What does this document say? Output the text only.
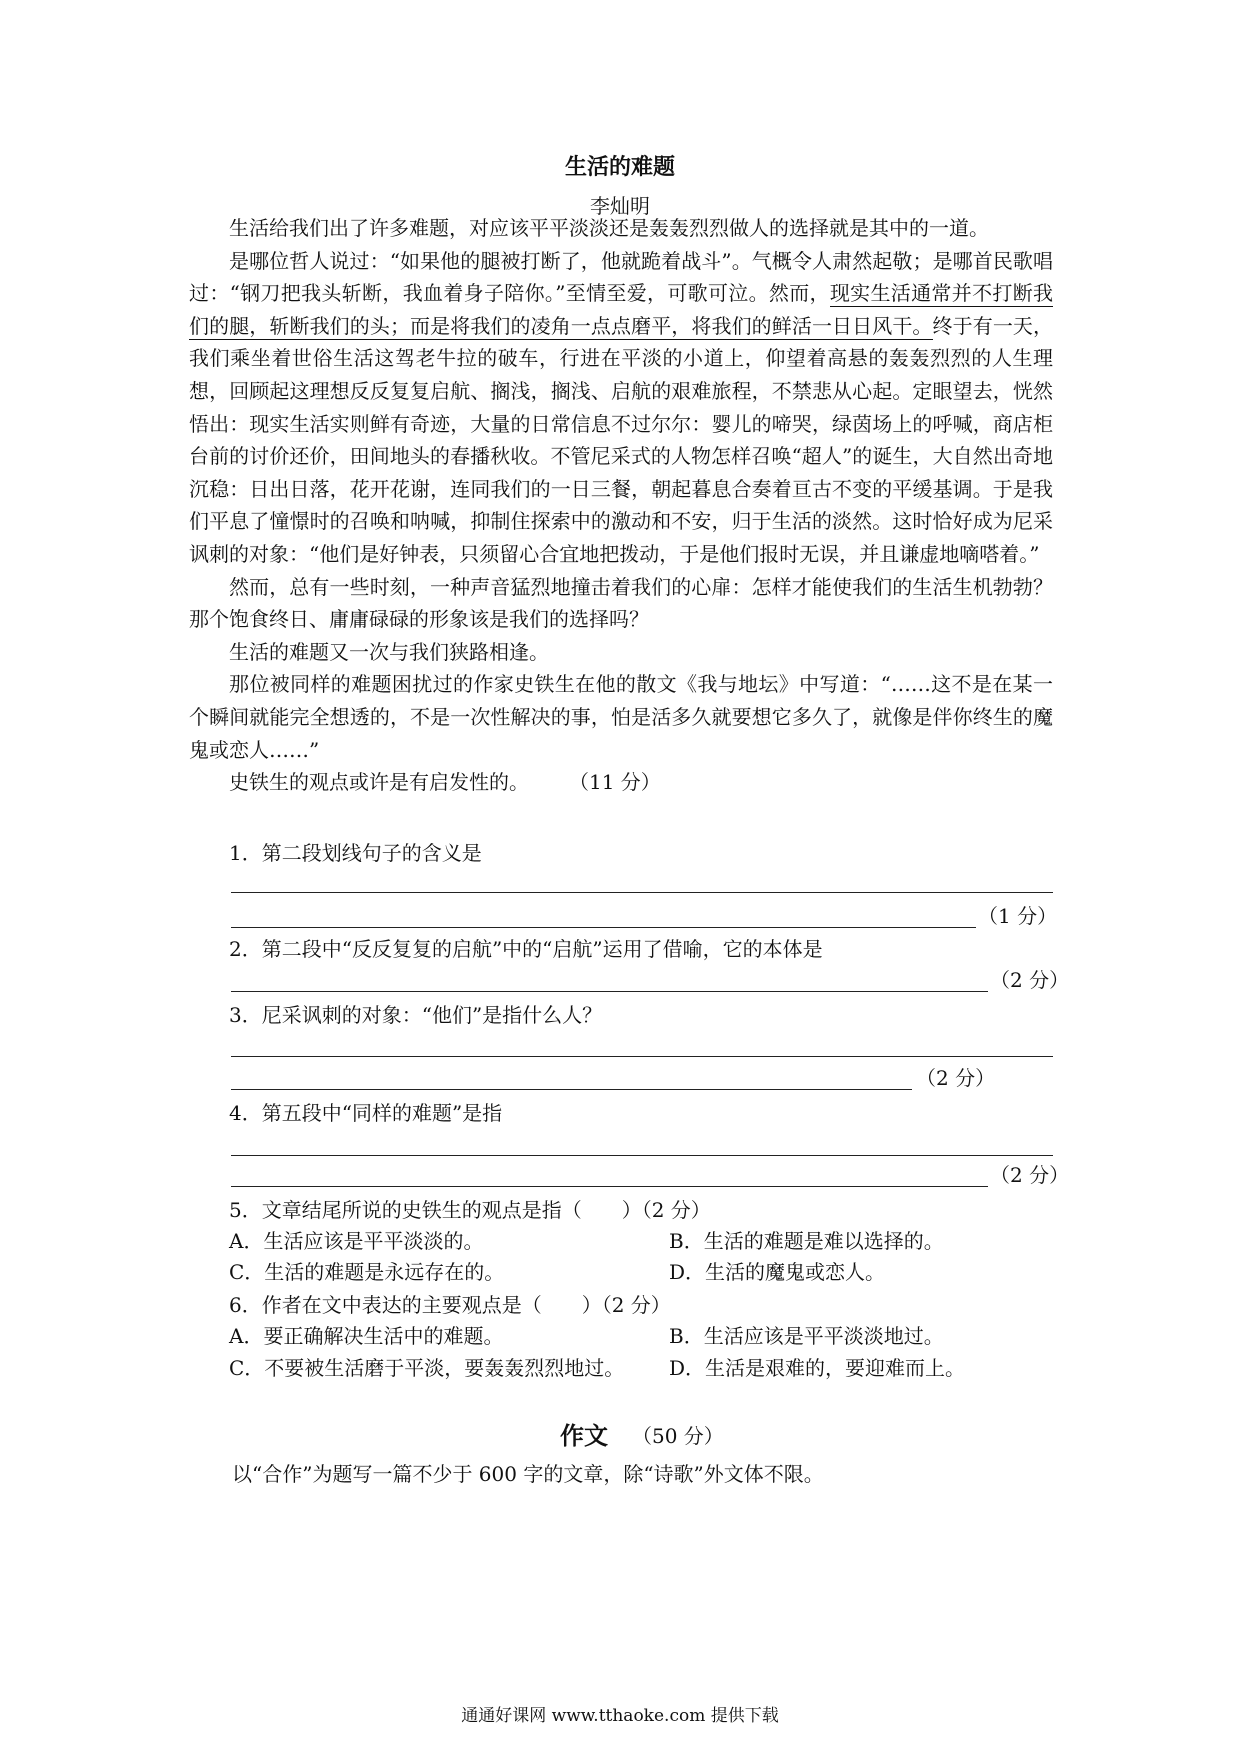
生活的难题
李灿明

生活给我们出了许多难题，对应该平平淡淡还是轰轰烈烈做人的选择就是其中的一道。

是哪位哲人说过：“如果他的腿被打断了，他就跪着战斗”。气概令人肃然起敬；是哪首民歌唱过：“钢刀把我头斩断，我血着身子陪你。”至情至爱，可歌可泣。然而，现实生活通常并不打断我们的腿，斩断我们的头；而是将我们的凌角一点点磨平，将我们的鲜活一日日风干。终于有一天，我们乘坐着世俗生活这驾老牛拉的破车，行进在平淡的小道上，仰望着高悬的轰轰烈烈的人生理想，回顾起这理想反反复复启航、搁浅，搁浅、启航的艰难旅程，不禁悲从心起。定眼望去，恍然悟出：现实生活实则鲜有奇迹，大量的日常信息不过尔尔：婴儿的啼哭，绿茵场上的呼喊，商店柜台前的讨价还价，田间地头的春播秋收。不管尼采式的人物怎样召唤“超人”的诞生，大自然出奇地沉稳：日出日落，花开花谢，连同我们的一日三餐，朝起暮息合奏着亘古不变的平缓基调。于是我们平息了憧憬时的召唤和呐喊，抑制住探索中的激动和不安，归于生活的淡然。这时恰好成为尼采讽刺的对象：“他们是好钟表，只须留心合宜地把拨动，于是他们报时无误，并且谦虚地嘀嗒着。”

然而，总有一些时刻，一种声音猛烈地撞击着我们的心扉：怎样才能使我们的生活生机勃勃？那个饱食终日、庸庸碌碌的形象该是我们的选择吗？

生活的难题又一次与我们狭路相逢。

那位被同样的难题困扰过的作家史铁生在他的散文《我与地坛》中写道：“……这不是在某一个瞬间就能完全想透的，不是一次性解决的事，怕是活多久就要想它多久了，就像是伴你终生的魔鬼或恋人……”

史铁生的观点或许是有启发性的。   （11 分）

1．第二段划线句子的含义是
（1 分）
2．第二段中“反反复复的启航”中的“启航”运用了借喻，它的本体是
（2 分）
3．尼采讽刺的对象：“他们”是指什么人？
（2 分）
4．第五段中“同样的难题”是指
（2 分）
5．文章结尾所说的史铁生的观点是指（　　）（2 分）
A．生活应该是平平淡淡的。	B．生活的难题是难以选择的。
C．生活的难题是永远存在的。	D．生活的魔鬼或恋人。
6．作者在文中表达的主要观点是（　　）（2 分）
A．要正确解决生活中的难题。	B．生活应该是平平淡淡地过。
C．不要被生活磨于平淡，要轰轰烈烈地过。 D．生活是艰难的，要迎难而上。
作文 （50 分）
以“合作”为题写一篇不少于 600 字的文章，除“诗歌”外文体不限。
通通好课网 www.tthaoke.com 提供下载
